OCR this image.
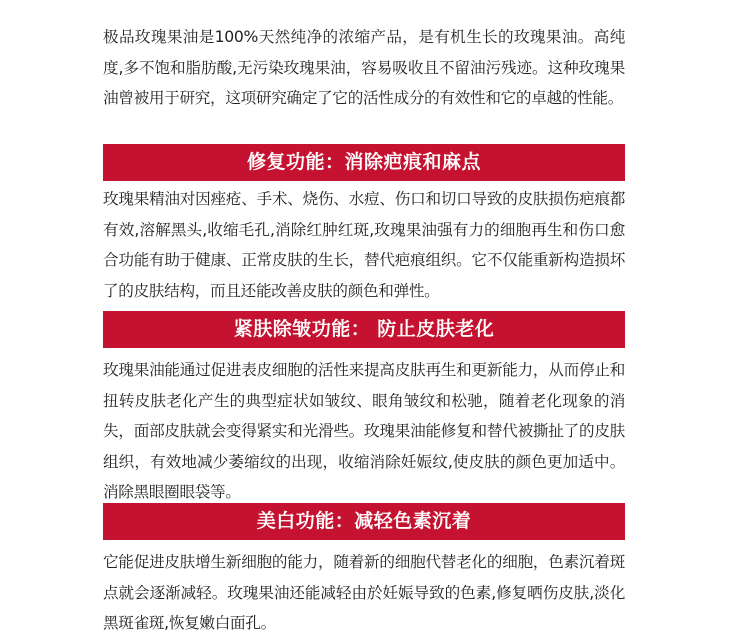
极品玫瑰果油是100%天然纯净的浓缩产品，是有机生长的玫瑰果油。高纯度,多不饱和脂肪酸,无污染玫瑰果油，容易吸收且不留油污残迹。这种玫瑰果油曾被用于研究，这项研究确定了它的活性成分的有效性和它的卓越的性能。

修复功能：消除疤痕和麻点

玫瑰果精油对因痤疮、手术、烧伤、水痘、伤口和切口导致的皮肤损伤疤痕都有效,溶解黑头,收缩毛孔,消除红肿红斑,玫瑰果油强有力的细胞再生和伤口愈合功能有助于健康、正常皮肤的生长，替代疤痕组织。它不仅能重新构造损坏了的皮肤结构，而且还能改善皮肤的颜色和弹性。

紧肤除皱功能： 防止皮肤老化

玫瑰果油能通过促进表皮细胞的活性来提高皮肤再生和更新能力，从而停止和扭转皮肤老化产生的典型症状如皱纹、眼角皱纹和松驰，随着老化现象的消失，面部皮肤就会变得紧实和光滑些。玫瑰果油能修复和替代被撕扯了的皮肤组织，有效地减少萎缩纹的出现，收缩消除妊娠纹,使皮肤的颜色更加适中。消除黑眼圈眼袋等。

美白功能：减轻色素沉着

它能促进皮肤增生新细胞的能力，随着新的细胞代替老化的细胞，色素沉着斑点就会逐渐减轻。玫瑰果油还能减轻由於妊娠导致的色素,修复晒伤皮肤,淡化黑斑雀斑,恢复嫩白面孔。
